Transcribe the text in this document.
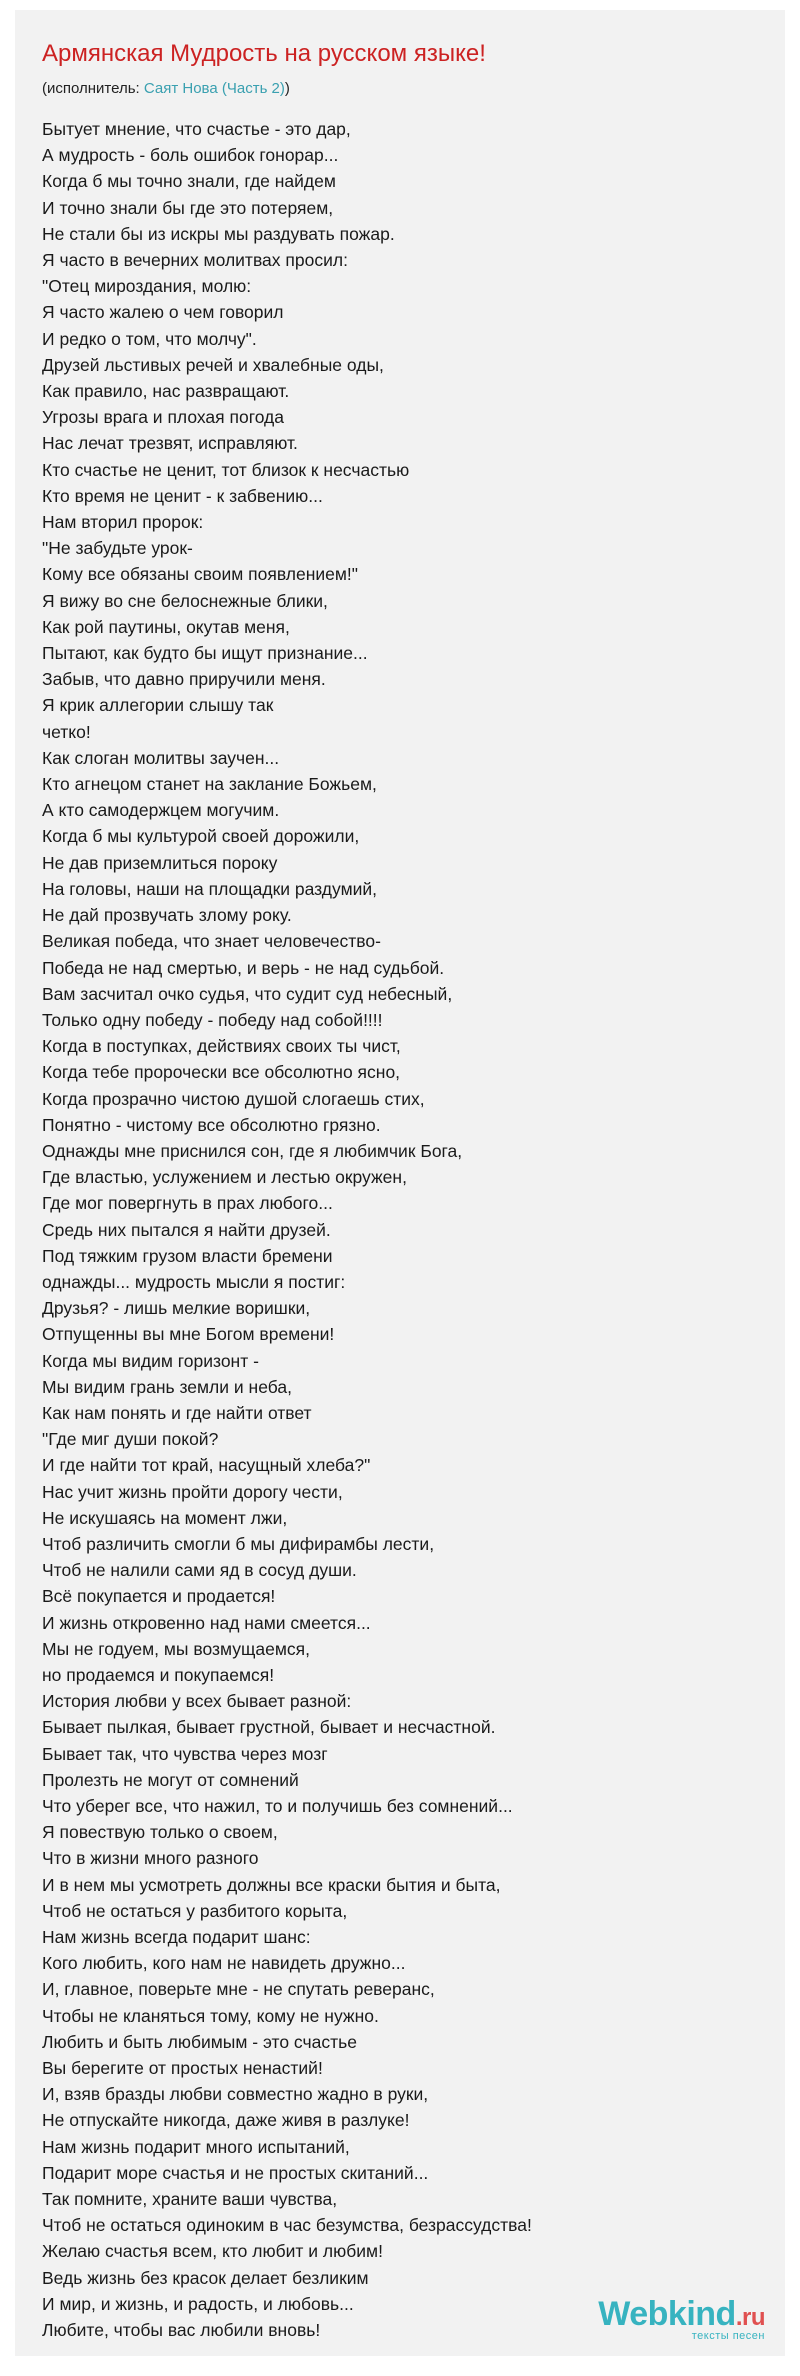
Армянская Мудрость на русском языке!
(исполнитель: Саят Нова (Часть 2))
Бытует мнение, что счастье - это дар,
А мудрость - боль ошибок гонорар...
Когда б мы точно знали, где найдем
И точно знали бы где это потеряем,
Не стали бы из искры мы раздувать пожар.
Я часто в вечерних молитвах просил:
"Отец мироздания, молю:
Я часто жалею о чем говорил
И редко о том, что молчу".
Друзей льстивых речей и хвалебные оды,
Как правило, нас развращают.
Угрозы врага и плохая погода
Нас лечат трезвят, исправляют.
Кто счастье не ценит, тот близок к несчастью
Кто время не ценит - к забвению...
Нам вторил пророк:
"Не забудьте урок-
Кому все обязаны своим появлением!"
Я вижу во сне белоснежные блики,
Как рой паутины, окутав меня,
Пытают, как будто бы ищут признание...
Забыв, что давно приручили меня.
Я крик аллегории слышу так
четко!
Как слоган молитвы заучен...
Кто агнецом станет на заклание Божьем,
А кто самодержцем могучим.
Когда б мы культурой своей дорожили,
Не дав приземлиться пороку
На головы, наши на площадки раздумий,
Не дай прозвучать злому року.
Великая победа, что знает человечество-
Победа не над смертью, и верь - не над судьбой.
Вам засчитал очко судья, что судит суд небесный,
Только одну победу - победу над собой!!!!
Когда в поступках, действиях своих ты чист,
Когда тебе пророчески все обсолютно ясно,
Когда прозрачно чистою душой слогаешь стих,
Понятно - чистому все обсолютно грязно.
Однажды мне приснился сон, где я любимчик Бога,
Где властью, услужением и лестью окружен,
Где мог повергнуть в прах любого...
Средь них пытался я найти друзей.
Под тяжким грузом власти бремени
однажды... мудрость мысли я постиг:
Друзья? - лишь мелкие воришки,
Отпущенны вы мне Богом времени!
Когда мы видим горизонт -
Мы видим грань земли и неба,
Как нам понять и где найти ответ
"Где миг души покой?
И где найти тот край, насущный хлеба?"
Нас учит жизнь пройти дорогу чести,
Не искушаясь на момент лжи,
Чтоб различить смогли б мы дифирамбы лести,
Чтоб не налили сами яд в сосуд души.
Всё покупается и продается!
И жизнь откровенно над нами смеется...
Мы не годуем, мы возмущаемся,
но продаемся и покупаемся!
История любви у всех бывает разной:
Бывает пылкая, бывает грустной, бывает и несчастной.
Бывает так, что чувства через мозг
Пролезть не могут от сомнений
Что уберег все, что нажил, то и получишь без сомнений...
Я повествую только о своем,
Что в жизни много разного
И в нем мы усмотреть должны все краски бытия и быта,
Чтоб не остаться у разбитого корыта,
Нам жизнь всегда подарит шанс:
Кого любить, кого нам не навидеть дружно...
И, главное, поверьте мне - не спутать реверанс,
Чтобы не кланяться тому, кому не нужно.
Любить и быть любимым - это счастье
Вы берегите от простых ненастий!
И, взяв бразды любви совместно жадно в руки,
Не отпускайте никогда, даже живя в разлуке!
Нам жизнь подарит много испытаний,
Подарит море счастья и не простых скитаний...
Так помните, храните ваши чувства,
Чтоб не остаться одиноким в час безумства, безрассудства!
Желаю счастья всем, кто любит и любим!
Ведь жизнь без красок делает безликим
И мир, и жизнь, и радость, и любовь...
Любите, чтобы вас любили вновь!	Webkind.ru
тексты песен
